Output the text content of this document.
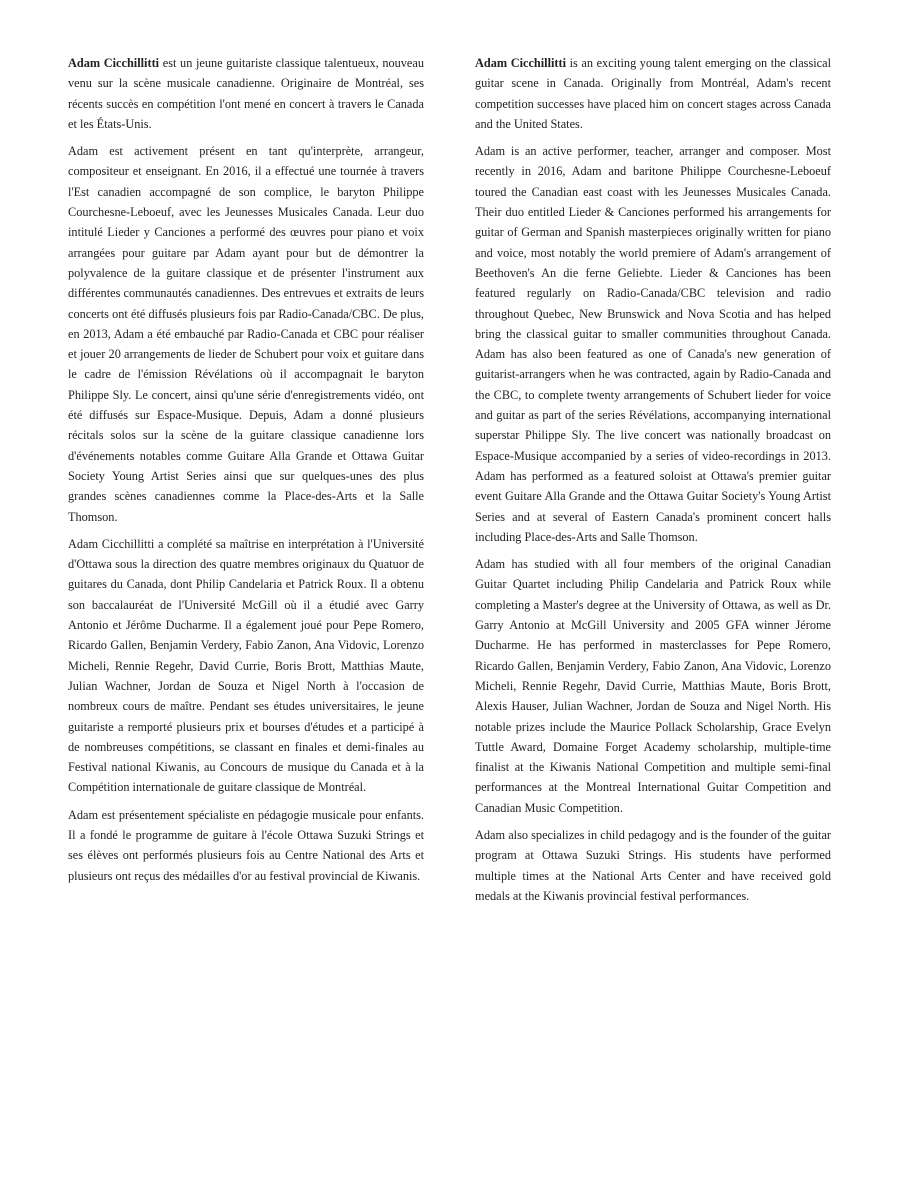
Adam Cicchillitti est un jeune guitariste classique talentueux, nouveau venu sur la scène musicale canadienne. Originaire de Montréal, ses récents succès en compétition l'ont mené en concert à travers le Canada et les États-Unis.

Adam est activement présent en tant qu'interprète, arrangeur, compositeur et enseignant. En 2016, il a effectué une tournée à travers l'Est canadien accompagné de son complice, le baryton Philippe Courchesne-Leboeuf, avec les Jeunesses Musicales Canada. Leur duo intitulé Lieder y Canciones a performé des œuvres pour piano et voix arrangées pour guitare par Adam ayant pour but de démontrer la polyvalence de la guitare classique et de présenter l'instrument aux différentes communautés canadiennes. Des entrevues et extraits de leurs concerts ont été diffusés plusieurs fois par Radio-Canada/CBC. De plus, en 2013, Adam a été embauché par Radio-Canada et CBC pour réaliser et jouer 20 arrangements de lieder de Schubert pour voix et guitare dans le cadre de l'émission Révélations où il accompagnait le baryton Philippe Sly. Le concert, ainsi qu'une série d'enregistrements vidéo, ont été diffusés sur Espace-Musique. Depuis, Adam a donné plusieurs récitals solos sur la scène de la guitare classique canadienne lors d'événements notables comme Guitare Alla Grande et Ottawa Guitar Society Young Artist Series ainsi que sur quelques-unes des plus grandes scènes canadiennes comme la Place-des-Arts et la Salle Thomson.

Adam Cicchillitti a complété sa maîtrise en interprétation à l'Université d'Ottawa sous la direction des quatre membres originaux du Quatuor de guitares du Canada, dont Philip Candelaria et Patrick Roux. Il a obtenu son baccalauréat de l'Université McGill où il a étudié avec Garry Antonio et Jérôme Ducharme. Il a également joué pour Pepe Romero, Ricardo Gallen, Benjamin Verdery, Fabio Zanon, Ana Vidovic, Lorenzo Micheli, Rennie Regehr, David Currie, Boris Brott, Matthias Maute, Julian Wachner, Jordan de Souza et Nigel North à l'occasion de nombreux cours de maître. Pendant ses études universitaires, le jeune guitariste a remporté plusieurs prix et bourses d'études et a participé à de nombreuses compétitions, se classant en finales et demi-finales au Festival national Kiwanis, au Concours de musique du Canada et à la Compétition internationale de guitare classique de Montréal.

Adam est présentement spécialiste en pédagogie musicale pour enfants. Il a fondé le programme de guitare à l'école Ottawa Suzuki Strings et ses élèves ont performés plusieurs fois au Centre National des Arts et plusieurs ont reçus des médailles d'or au festival provincial de Kiwanis.

Adam Cicchillitti is an exciting young talent emerging on the classical guitar scene in Canada. Originally from Montréal, Adam's recent competition successes have placed him on concert stages across Canada and the United States.

Adam is an active performer, teacher, arranger and composer. Most recently in 2016, Adam and baritone Philippe Courchesne-Leboeuf toured the Canadian east coast with les Jeunesses Musicales Canada. Their duo entitled Lieder & Canciones performed his arrangements for guitar of German and Spanish masterpieces originally written for piano and voice, most notably the world premiere of Adam's arrangement of Beethoven's An die ferne Geliebte. Lieder & Canciones has been featured regularly on Radio-Canada/CBC television and radio throughout Quebec, New Brunswick and Nova Scotia and has helped bring the classical guitar to smaller communities throughout Canada. Adam has also been featured as one of Canada's new generation of guitarist-arrangers when he was contracted, again by Radio-Canada and the CBC, to complete twenty arrangements of Schubert lieder for voice and guitar as part of the series Révélations, accompanying international superstar Philippe Sly. The live concert was nationally broadcast on Espace-Musique accompanied by a series of video-recordings in 2013. Adam has performed as a featured soloist at Ottawa's premier guitar event Guitare Alla Grande and the Ottawa Guitar Society's Young Artist Series and at several of Eastern Canada's prominent concert halls including Place-des-Arts and Salle Thomson.

Adam has studied with all four members of the original Canadian Guitar Quartet including Philip Candelaria and Patrick Roux while completing a Master's degree at the University of Ottawa, as well as Dr. Garry Antonio at McGill University and 2005 GFA winner Jérome Ducharme. He has performed in masterclasses for Pepe Romero, Ricardo Gallen, Benjamin Verdery, Fabio Zanon, Ana Vidovic, Lorenzo Micheli, Rennie Regehr, David Currie, Matthias Maute, Boris Brott, Alexis Hauser, Julian Wachner, Jordan de Souza and Nigel North. His notable prizes include the Maurice Pollack Scholarship, Grace Evelyn Tuttle Award, Domaine Forget Academy scholarship, multiple-time finalist at the Kiwanis National Competition and multiple semi-final performances at the Montreal International Guitar Competition and Canadian Music Competition.

Adam also specializes in child pedagogy and is the founder of the guitar program at Ottawa Suzuki Strings. His students have performed multiple times at the National Arts Center and have received gold medals at the Kiwanis provincial festival performances.
